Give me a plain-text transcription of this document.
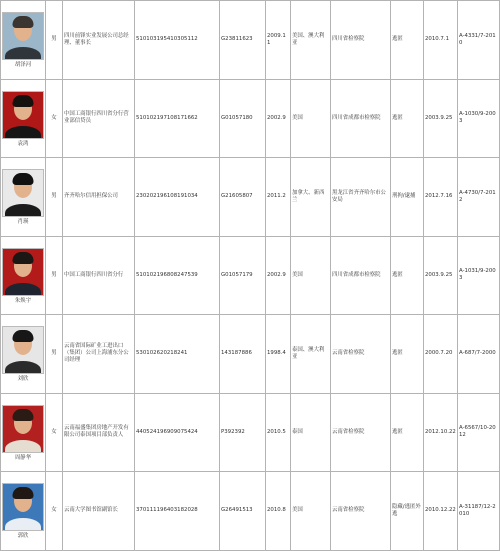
胡泽河	男	四川前锋实业发展公司总经理、董事长	510103195410305112	G23811623	2009.11	美国、澳大利亚	四川省检察院	逃匿	2010.7.1	A-4331/7-2010

袁鸿	女	中国工商银行四川省分行营业部信贷员	510102197108171662	G01057180	2002.9	美国	四川省成都市检察院	逃匿	2003.9.25	A-1030/9-2003

肖瑛	男	齐齐哈尔信用担保公司	230202196108191034	G21605807	2011.2	加拿大、新西兰	黑龙江省齐齐哈尔市公安局	刑拘/逮捕	2012.7.16	A-4730/7-2012

朱焕宇	男	中国工商银行四川省分行	510102196808247539	G01057179	2002.9	美国	四川省成都市检察院	逃匿	2003.9.25	A-1031/9-2003

刘欣	男	云南省国际矿业工进出口（集团）公司上海浦东分公司经理	530102620218241	143187886	1998.4	泰国、澳大利亚	云南省检察院	逃匿	2000.7.20	A-687/7-2000

周静华	女	云南福盛集团房地产开发有限公司泰国项目部负责人	440524196909075424	P392392	2010.5	泰国	云南省检察院	逃匿	2012.10.22	A-6567/10-2012

郭欣	女	云南大学图书馆副馆长	370111196403182028	G26491513	2010.8	美国	云南省检察院	隐藏/逃匿外逃	2010.12.22	A-31187/12-2010
